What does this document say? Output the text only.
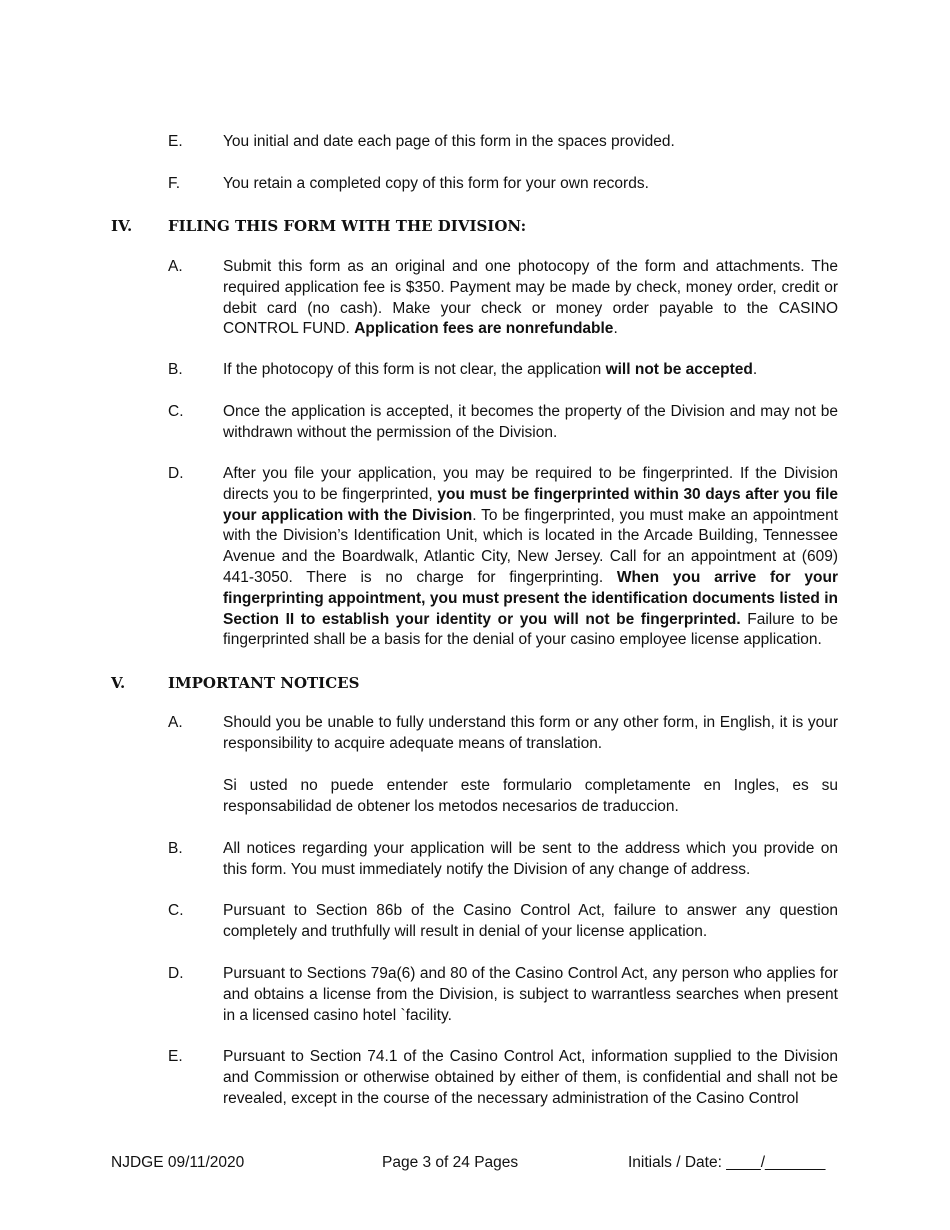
E.	You initial and date each page of this form in the spaces provided.
F.	You retain a completed copy of this form for your own records.
IV.	FILING THIS FORM WITH THE DIVISION:
A.	Submit this form as an original and one photocopy of the form and attachments. The required application fee is $350. Payment may be made by check, money order, credit or debit card (no cash). Make your check or money order payable to the CASINO CONTROL FUND. Application fees are nonrefundable.
B.	If the photocopy of this form is not clear, the application will not be accepted.
C.	Once the application is accepted, it becomes the property of the Division and may not be withdrawn without the permission of the Division.
D.	After you file your application, you may be required to be fingerprinted. If the Division directs you to be fingerprinted, you must be fingerprinted within 30 days after you file your application with the Division. To be fingerprinted, you must make an appointment with the Division’s Identification Unit, which is located in the Arcade Building, Tennessee Avenue and the Boardwalk, Atlantic City, New Jersey. Call for an appointment at (609) 441-3050. There is no charge for fingerprinting. When you arrive for your fingerprinting appointment, you must present the identification documents listed in Section II to establish your identity or you will not be fingerprinted. Failure to be fingerprinted shall be a basis for the denial of your casino employee license application.
V.	IMPORTANT NOTICES
A.	Should you be unable to fully understand this form or any other form, in English, it is your responsibility to acquire adequate means of translation.
Si usted no puede entender este formulario completamente en Ingles, es su responsabilidad de obtener los metodos necesarios de traduccion.
B.	All notices regarding your application will be sent to the address which you provide on this form. You must immediately notify the Division of any change of address.
C.	Pursuant to Section 86b of the Casino Control Act, failure to answer any question completely and truthfully will result in denial of your license application.
D.	Pursuant to Sections 79a(6) and 80 of the Casino Control Act, any person who applies for and obtains a license from the Division, is subject to warrantless searches when present in a licensed casino hotel `facility.
E.	Pursuant to Section 74.1 of the Casino Control Act, information supplied to the Division and Commission or otherwise obtained by either of them, is confidential and shall not be revealed, except in the course of the necessary administration of the Casino Control
NJDGE 09/11/2020	Page 3 of 24 Pages	Initials / Date: ____/_______
